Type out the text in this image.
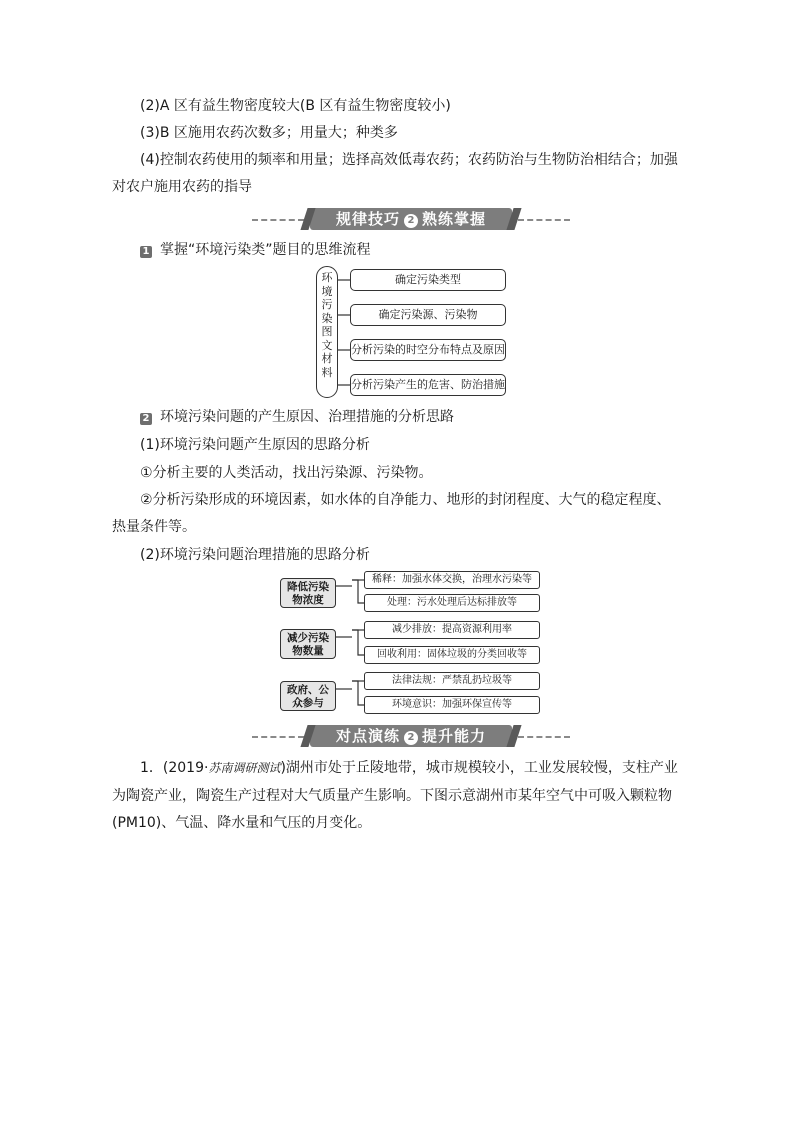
(2)A 区有益生物密度较大(B 区有益生物密度较小)
(3)B 区施用农药次数多；用量大；种类多
(4)控制农药使用的频率和用量；选择高效低毒农药；农药防治与生物防治相结合；加强
对农户施用农药的指导
规律技巧 2 熟练掌握
1 掌握“环境污染类”题目的思维流程
环
境
污
染
图
文
材
料
确定污染类型
确定污染源、污染物
分析污染的时空分布特点及原因
分析污染产生的危害、防治措施
2 环境污染问题的产生原因、治理措施的分析思路
(1)环境污染问题产生原因的思路分析
①分析主要的人类活动，找出污染源、污染物。
②分析污染形成的环境因素，如水体的自净能力、地形的封闭程度、大气的稳定程度、
热量条件等。
(2)环境污染问题治理措施的思路分析
降低污染
物浓度
稀释：加强水体交换，治理水污染等
处理：污水处理后达标排放等
减少污染
物数量
减少排放：提高资源利用率
回收利用：固体垃圾的分类回收等
政府、公
众参与
法律法规：严禁乱扔垃圾等
环境意识：加强环保宣传等
对点演练 2 提升能力
1．(2019·苏南调研测试)湖州市处于丘陵地带，城市规模较小，工业发展较慢，支柱产业
为陶瓷产业，陶瓷生产过程对大气质量产生影响。下图示意湖州市某年空气中可吸入颗粒物
(PM10)、气温、降水量和气压的月变化。
